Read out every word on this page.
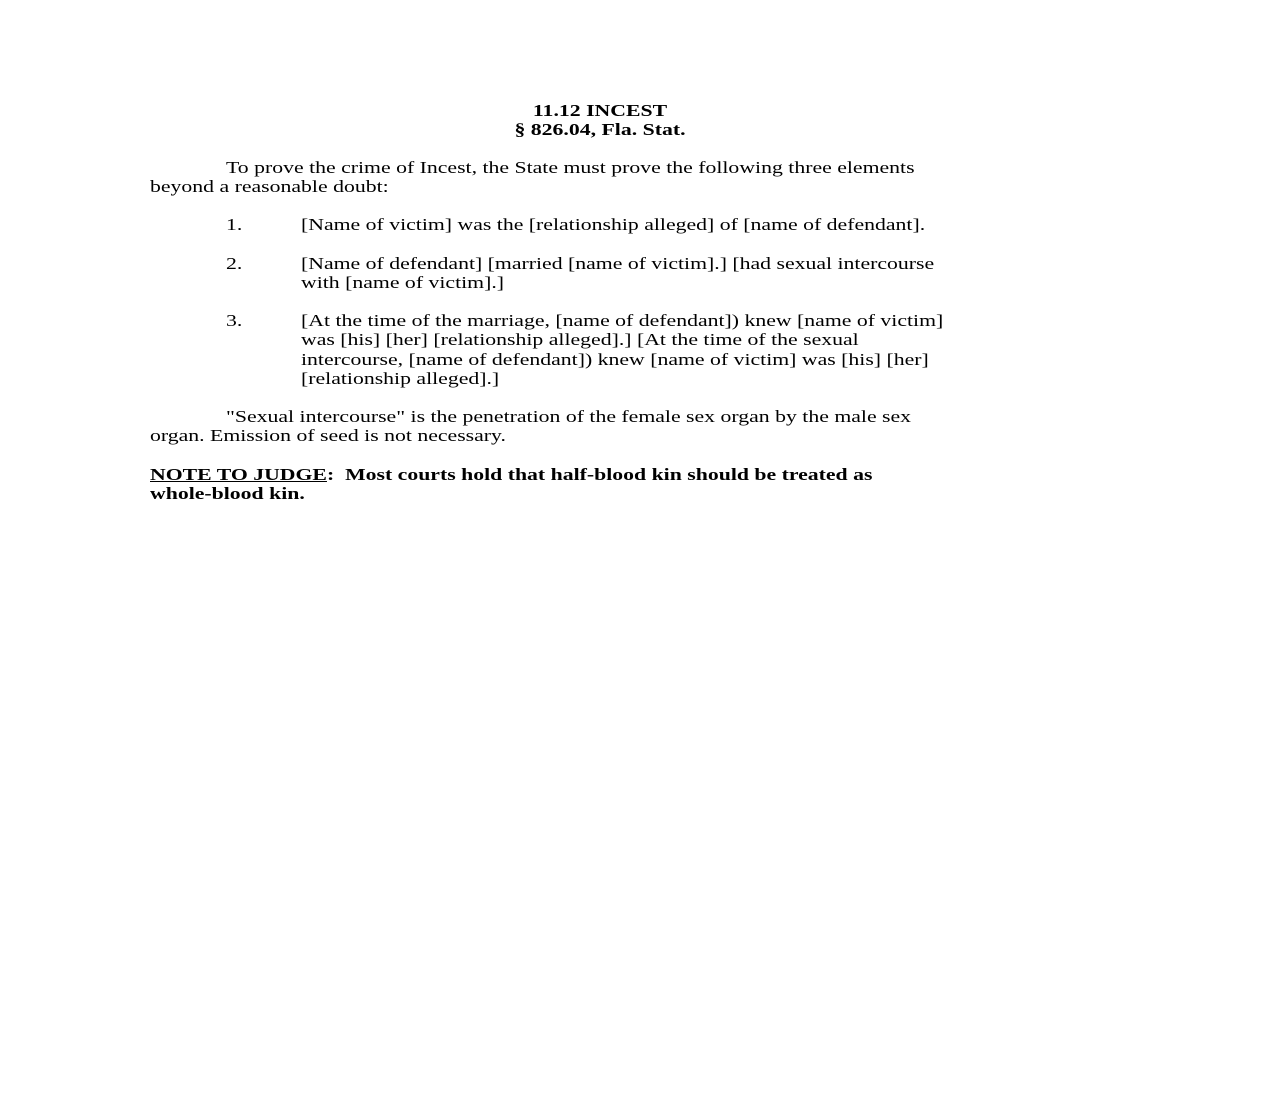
11.12 INCEST
§ 826.04, Fla. Stat.
To prove the crime of Incest, the State must prove the following three elements
beyond a reasonable doubt:
1.	[Name of victim] was the [relationship alleged] of [name of defendant].
2.	[Name of defendant] [married [name of victim].] [had sexual intercourse
with [name of victim].]
3.	[At the time of the marriage, [name of defendant]) knew [name of victim]
was [his] [her] [relationship alleged].] [At the time of the sexual
intercourse, [name of defendant]) knew [name of victim] was [his] [her]
[relationship alleged].]
"Sexual intercourse" is the penetration of the female sex organ by the male sex
organ. Emission of seed is not necessary.
NOTE TO JUDGE: Most courts hold that half-blood kin should be treated as
whole-blood kin.
